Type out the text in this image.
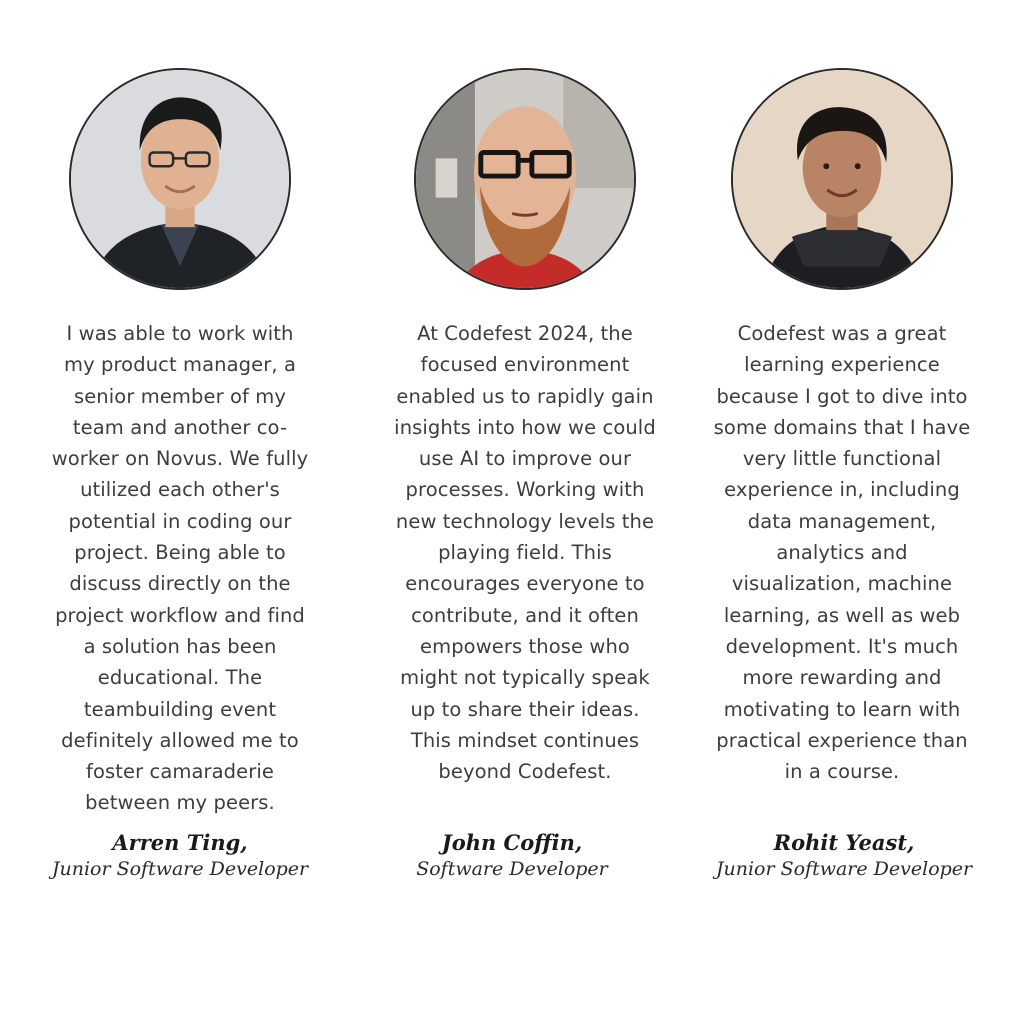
I was able to work with my product manager, a senior member of my team and another co-worker on Novus. We fully utilized each other's potential in coding our project. Being able to discuss directly on the project workflow and find a solution has been educational. The teambuilding event definitely allowed me to foster camaraderie between my peers.
At Codefest 2024, the focused environment enabled us to rapidly gain insights into how we could use AI to improve our processes. Working with new technology levels the playing field. This encourages everyone to contribute, and it often empowers those who might not typically speak up to share their ideas. This mindset continues beyond Codefest.
Codefest was a great learning experience because I got to dive into some domains that I have very little functional experience in, including data management, analytics and visualization, machine learning, as well as web development. It's much more rewarding and motivating to learn with practical experience than in a course.
Arren Ting,
Junior Software Developer
John Coffin,
Software Developer
Rohit Yeast,
Junior Software Developer
